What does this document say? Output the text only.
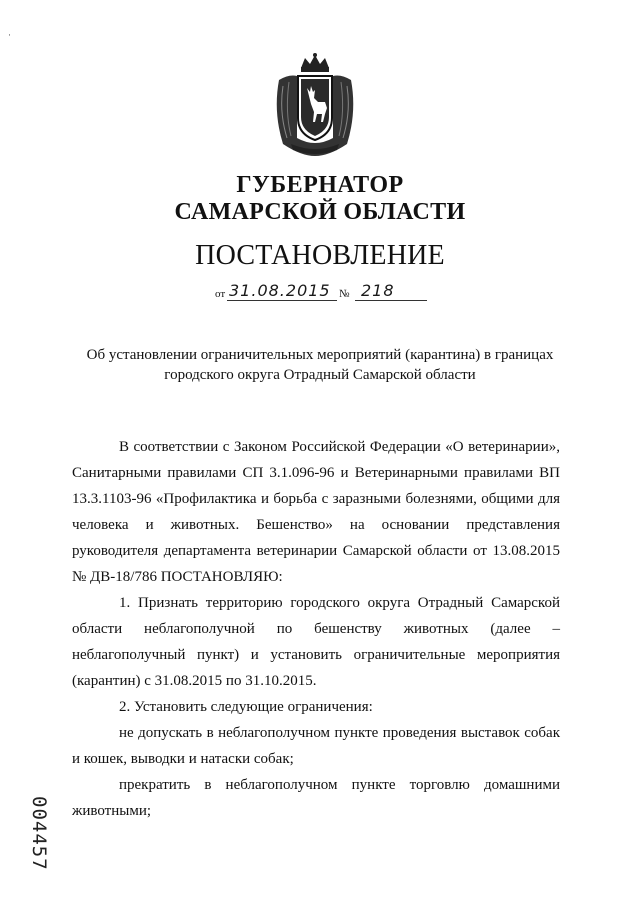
·
ГУБЕРНАТОР
САМАРСКОЙ ОБЛАСТИ
ПОСТАНОВЛЕНИЕ
от 31.08.2015 № 218
Об установлении ограничительных мероприятий (карантина) в границах
городского округа Отрадный Самарской области

В соответствии с Законом Российской Федерации «О ветеринарии», Санитарными правилами СП 3.1.096-96 и Ветеринарными правилами ВП 13.3.1103-96 «Профилактика и борьба с заразными болезнями, общими для человека и животных. Бешенство» на основании представления руководителя департамента ветеринарии Самарской области от 13.08.2015 № ДВ-18/786 ПОСТАНОВЛЯЮ:

1. Признать территорию городского округа Отрадный Самарской области неблагополучной по бешенству животных (далее – неблагополучный пункт) и установить ограничительные мероприятия (карантин) с 31.08.2015 по 31.10.2015.

2. Установить следующие ограничения:

не допускать в неблагополучном пункте проведения выставок собак и кошек, выводки и натаски собак;

прекратить в неблагополучном пункте торговлю домашними животными;

004457
